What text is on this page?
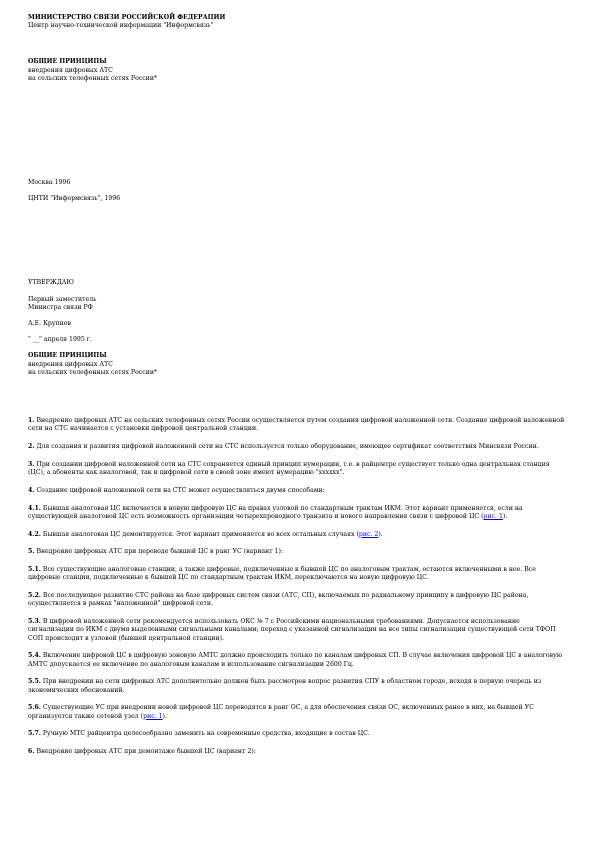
МИНИСТЕРСТВО СВЯЗИ РОССИЙСКОЙ ФЕДЕРАЦИИ
Центр научно-технической информации "Информсвязь"
ОБЩИЕ ПРИНЦИПЫ
внедрения цифровых АТС
на сельских телефонных сетях России*
Москва 1996
ЦНТИ "Информсвязь", 1996
УТВЕРЖДАЮ
Первый заместитель
Министра связи РФ
А.Е. Крупнов
" __" апреля 1995 г.
ОБЩИЕ ПРИНЦИПЫ
внедрения цифровых АТС
на сельских телефонных сетях России*

1. Внедрение цифровых АТС на сельских телефонных сетях России осуществляется путем создания цифровой наложенной сети. Создание цифровой наложенной сети на СТС начинается с установки цифровой центральной станции.

2. Для создания и развития цифровой наложенной сети на СТС используется только оборудование, имеющее сертификат соответствия Минсвязи России.

3. При создании цифровой наложенной сети на СТС сохраняется единый принцип нумерации, т.е. в райцентре существует только одна центральная станция (ЦС), а абоненты как аналоговой, так и цифровой сети в своей зоне имеют нумерацию "xxxxxx".

4. Создание цифровой наложенной сети на СТС может осуществляться двумя способами:

4.1. Бывшая аналоговая ЦС включается в новую цифровую ЦС на правах узловой по стандартным трактам ИКМ. Этот вариант применяется, если на существующей аналоговой ЦС есть возможность организации четырехпроводного транзита и нового направления связи с цифровой ЦС (рис. 1).

4.2. Бывшая аналоговая ЦС демонтируется. Этот вариант применяется во всех остальных случаях (рис. 2).

5. Внедрение цифровых АТС при переводе бывшей ЦС в ранг УС (вариант 1):

5.1. Все существующие аналоговые станции, а также цифровые, подключенные к бывшей ЦС по аналоговым трактам, остаются включенными в нее. Все цифровые станции, подключенные к бывшей ЦС по стандартным трактам ИКМ, переключаются на новую цифровую ЦС.

5.2. Все последующее развитие СТС района на базе цифровых систем связи (АТС, СП), включаемых по радиальному принципу в цифровую ЦС района, осуществляется в рамках "наложенной" цифровой сети.

5.3. В цифровой наложенной сети рекомендуется использовать ОКС № 7 с Российскими национальными требованиями. Допускается использование сигнализации по ИКМ с двумя выделенными сигнальными каналами; переход с указанной сигнализации на все типы сигнализации существующей сети ТФОП СОП происходит в узловой (бывшей центральной станции).

5.4. Включение цифровой ЦС в цифровую зоновую АМТС должно происходить только по каналам цифровых СП. В случае включения цифровой ЦС в аналоговую АМТС допускается ее включение по аналоговым каналам и использование сигнализации 2600 Гц.

5.5. При внедрении на сети цифровых АТС дополнительно должен быть рассмотрен вопрос развития СПУ в областном городе, исходя в первую очередь из экономических обоснований.

5.6. Существующие УС при внедрении новой цифровой ЦС переводятся в ранг ОС, а для обеспечения связи ОС, включенных ранее в них, на бывшей УС организуется также сетевой узел (рис. 1).

5.7. Ручную МТС райцентра целесообразно заменить на современные средства, входящие в состав ЦС.

6. Внедрение цифровых АТС при демонтаже бывшей ЦС (вариант 2):
